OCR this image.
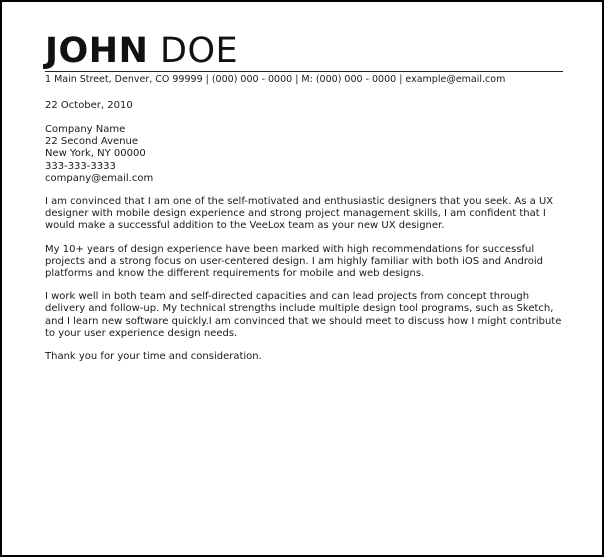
JOHN DOE
1 Main Street, Denver, CO 99999 | (000) 000 - 0000 | M: (000) 000 - 0000 | example@email.com
22 October, 2010
Company Name
22 Second Avenue
New York, NY 00000
333-333-3333
company@email.com

I am convinced that I am one of the self-motivated and enthusiastic designers that you seek. As a UX designer with mobile design experience and strong project management skills, I am confident that I would make a successful addition to the VeeLox team as your new UX designer.

My 10+ years of design experience have been marked with high recommendations for successful projects and a strong focus on user-centered design. I am highly familiar with both iOS and Android platforms and know the different requirements for mobile and web designs.

I work well in both team and self-directed capacities and can lead projects from concept through delivery and follow-up. My technical strengths include multiple design tool programs, such as Sketch, and I learn new software quickly.I am convinced that we should meet to discuss how I might contribute to your user experience design needs.

Thank you for your time and consideration.
